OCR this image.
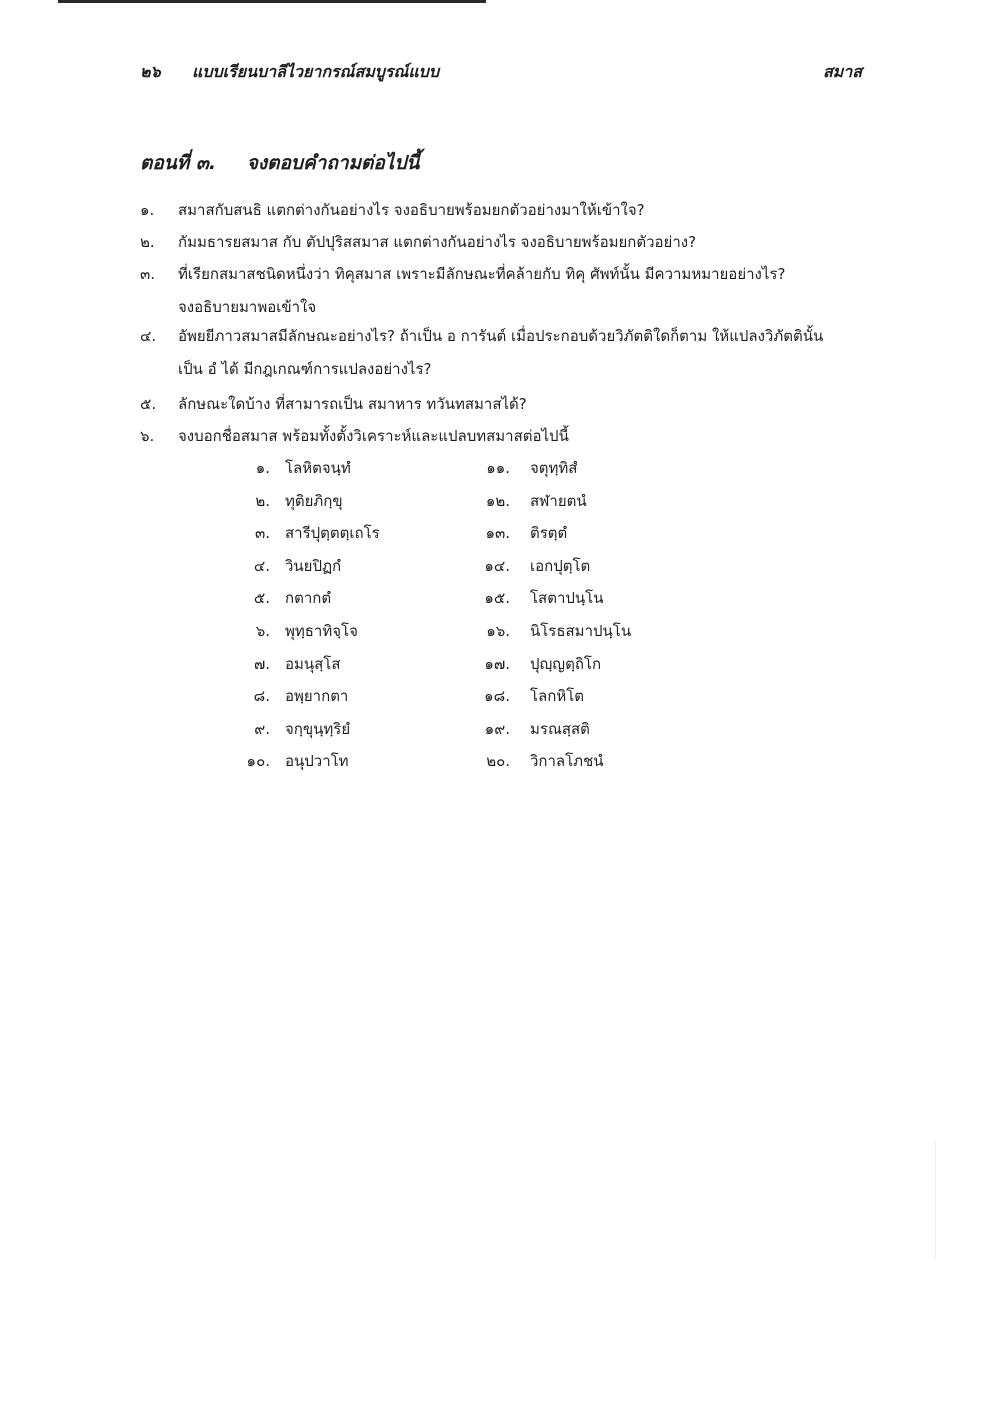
๒๖ แบบเรียนบาลีไวยากรณ์สมบูรณ์แบบ	สมาส
ตอนที่ ๓. จงตอบคำถามต่อไปนี้
๑.	สมาสกับสนธิ แตกต่างกันอย่างไร จงอธิบายพร้อมยกตัวอย่างมาให้เข้าใจ?
๒.	กัมมธารยสมาส กับ ตัปปุริสสมาส แตกต่างกันอย่างไร จงอธิบายพร้อมยกตัวอย่าง?
๓.	ที่เรียกสมาสชนิดหนึ่งว่า ทิคุสมาส เพราะมีลักษณะที่คล้ายกับ ทิคุ ศัพท์นั้น มีความหมายอย่างไร?
จงอธิบายมาพอเข้าใจ
๔.	อัพยยีภาวสมาสมีลักษณะอย่างไร? ถ้าเป็น อ การันต์ เมื่อประกอบด้วยวิภัตติใดก็ตาม ให้แปลงวิภัตตินั้น
เป็น อํ ได้ มีกฎเกณฑ์การแปลงอย่างไร?
๕.	ลักษณะใดบ้าง ที่สามารถเป็น สมาหาร ทวันทสมาสได้?
๖.	จงบอกชื่อสมาส พร้อมทั้งตั้งวิเคราะห์และแปลบทสมาสต่อไปนี้
๑. โลหิตจนฺทํ
๒. ทุติยภิกฺขุ
๓. สารีปุตฺตตฺเถโร
๔. วินยปิฏกํ
๕. กตากตํ
๖. พุทฺธาทิจฺโจ
๗. อมนุสฺโส
๘. อพฺยากตา
๙. จกฺขุนฺทฺริยํ
๑๐. อนุปวาโท
๑๑. จตุทฺทิสํ
๑๒. สฬายตนํ
๑๓. ติรตฺตํ
๑๔. เอกปุตฺโต
๑๕. โสตาปนฺโน
๑๖. นิโรธสมาปนฺโน
๑๗. ปุญฺญตฺถิโก
๑๘. โลกหิโต
๑๙. มรณสฺสติ
๒๐. วิกาลโภชนํ
